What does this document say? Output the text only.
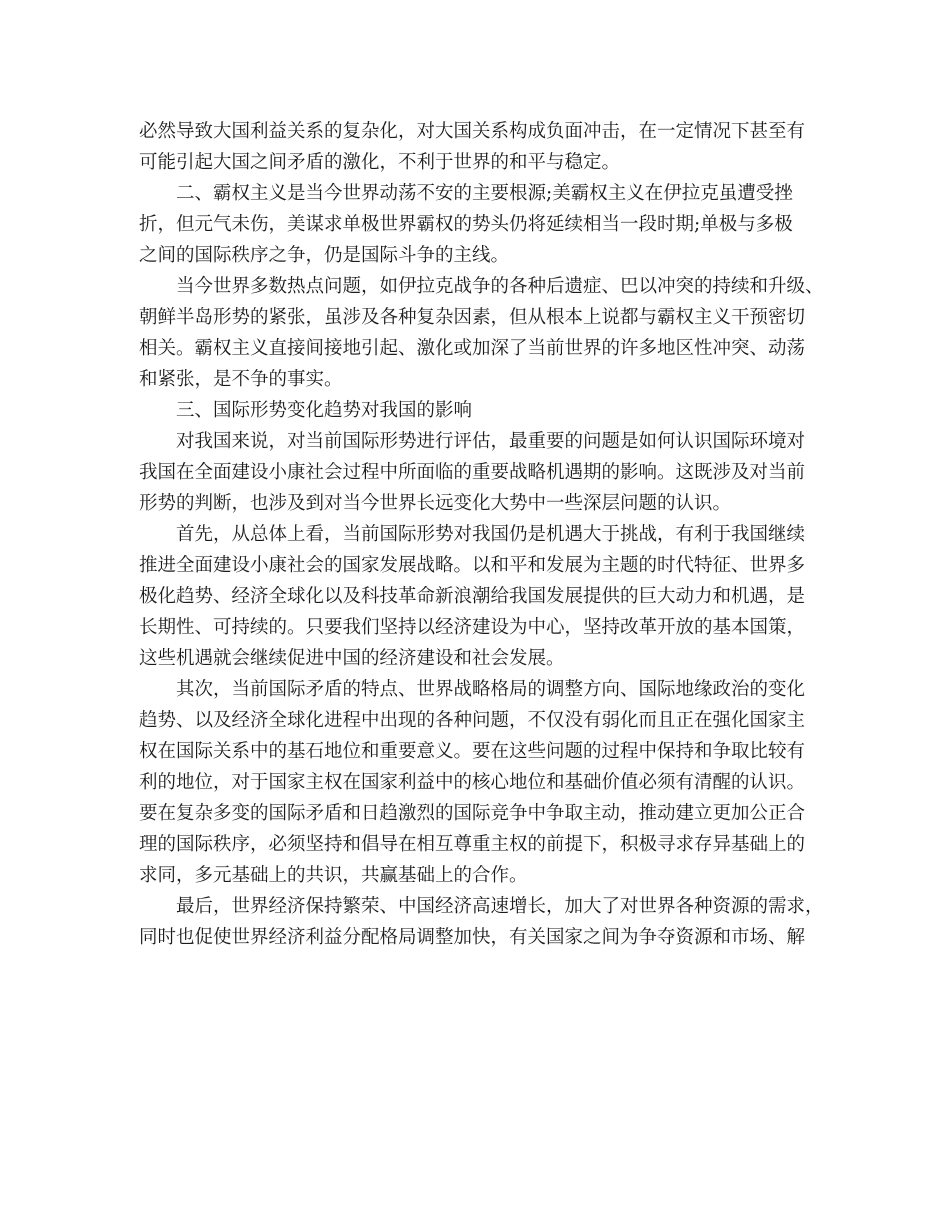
必然导致大国利益关系的复杂化，对大国关系构成负面冲击，在一定情况下甚至有
可能引起大国之间矛盾的激化，不利于世界的和平与稳定。
二、霸权主义是当今世界动荡不安的主要根源;美霸权主义在伊拉克虽遭受挫
折，但元气未伤，美谋求单极世界霸权的势头仍将延续相当一段时期;单极与多极
之间的国际秩序之争，仍是国际斗争的主线。
当今世界多数热点问题，如伊拉克战争的各种后遗症、巴以冲突的持续和升级、
朝鲜半岛形势的紧张，虽涉及各种复杂因素，但从根本上说都与霸权主义干预密切
相关。霸权主义直接间接地引起、激化或加深了当前世界的许多地区性冲突、动荡
和紧张，是不争的事实。
三、国际形势变化趋势对我国的影响
对我国来说，对当前国际形势进行评估，最重要的问题是如何认识国际环境对
我国在全面建设小康社会过程中所面临的重要战略机遇期的影响。这既涉及对当前
形势的判断，也涉及到对当今世界长远变化大势中一些深层问题的认识。
首先，从总体上看，当前国际形势对我国仍是机遇大于挑战，有利于我国继续
推进全面建设小康社会的国家发展战略。以和平和发展为主题的时代特征、世界多
极化趋势、经济全球化以及科技革命新浪潮给我国发展提供的巨大动力和机遇，是
长期性、可持续的。只要我们坚持以经济建设为中心，坚持改革开放的基本国策，
这些机遇就会继续促进中国的经济建设和社会发展。
其次，当前国际矛盾的特点、世界战略格局的调整方向、国际地缘政治的变化
趋势、以及经济全球化进程中出现的各种问题，不仅没有弱化而且正在强化国家主
权在国际关系中的基石地位和重要意义。要在这些问题的过程中保持和争取比较有
利的地位，对于国家主权在国家利益中的核心地位和基础价值必须有清醒的认识。
要在复杂多变的国际矛盾和日趋激烈的国际竞争中争取主动，推动建立更加公正合
理的国际秩序，必须坚持和倡导在相互尊重主权的前提下，积极寻求存异基础上的
求同，多元基础上的共识，共赢基础上的合作。
最后，世界经济保持繁荣、中国经济高速增长，加大了对世界各种资源的需求，
同时也促使世界经济利益分配格局调整加快，有关国家之间为争夺资源和市场、解
